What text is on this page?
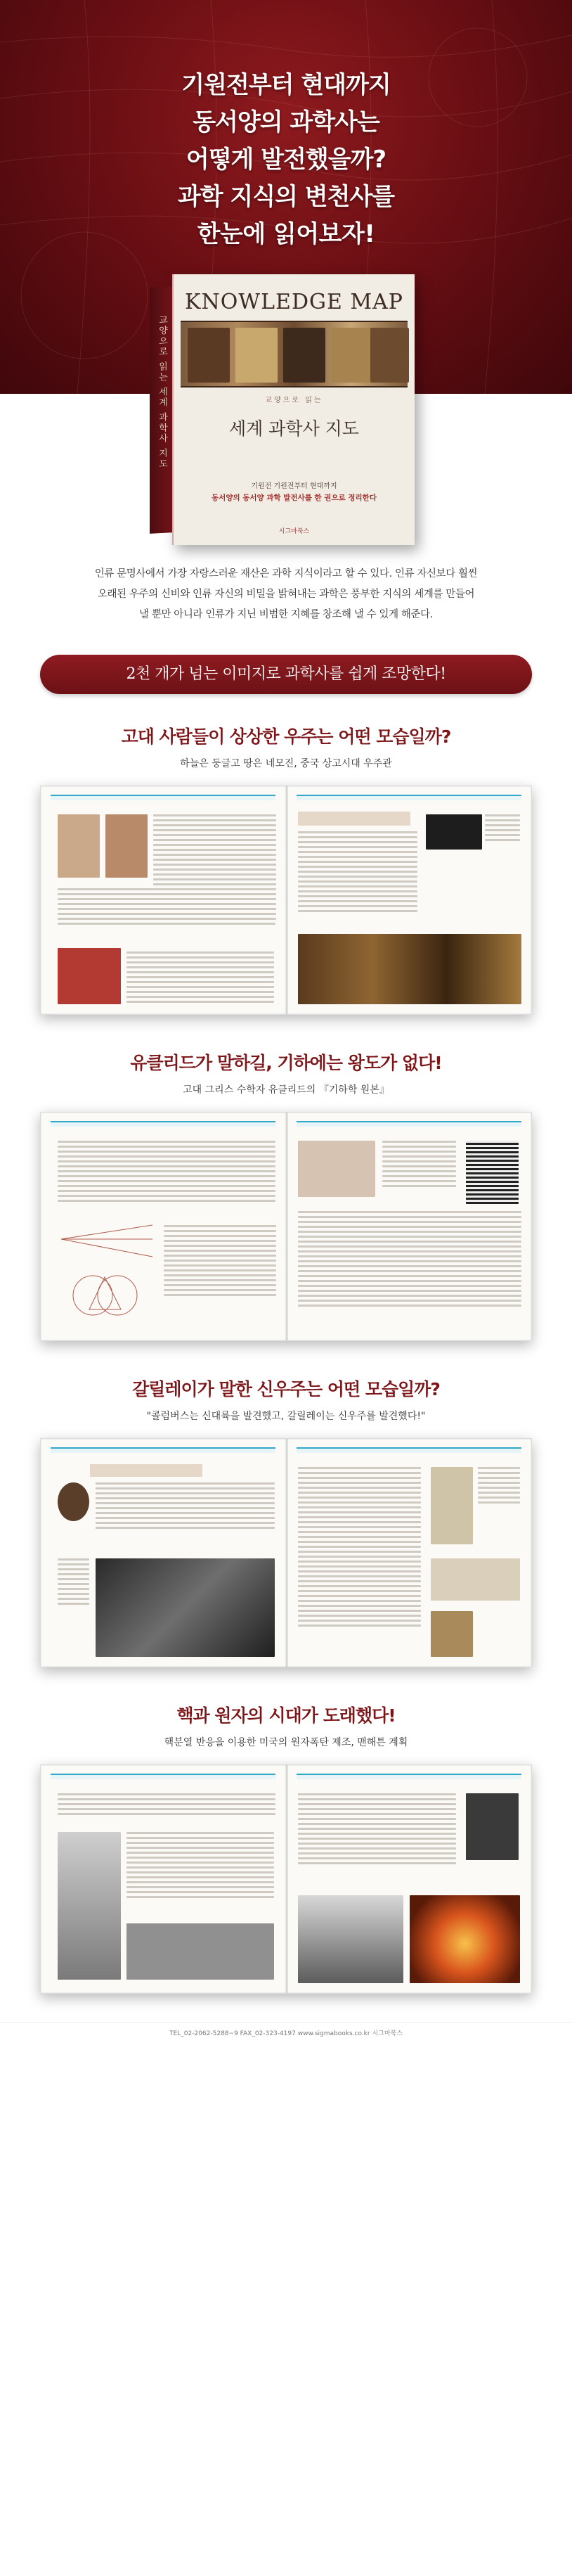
기원전부터 현대까지
동서양의 과학사는
어떻게 발전했을까?
과학 지식의 변천사를
한눈에 읽어보자!
교양으로 읽는 세계 과학사 지도
KNOWLEDGE MAP
교양으로 읽는
세계 과학사 지도
기원전 기원전부터 현대까지
동서양의 동서양 과학 발전사를 한 권으로 정리한다
시그마북스
인류 문명사에서 가장 자랑스러운 재산은 과학 지식이라고 할 수 있다. 인류 자신보다 훨씬
오래된 우주의 신비와 인류 자신의 비밀을 밝혀내는 과학은 풍부한 지식의 세계를 만들어
낼 뿐만 아니라 인류가 지닌 비범한 지혜를 창조해 낼 수 있게 해준다.
2천 개가 넘는 이미지로 과학사를 쉽게 조망한다!
고대 사람들이 상상한 우주는 어떤 모습일까?
하늘은 둥글고 땅은 네모진, 중국 상고시대 우주관
유클리드가 말하길, 기하에는 왕도가 없다!
고대 그리스 수학자 유클리드의 『기하학 원본』
갈릴레이가 말한 신우주는 어떤 모습일까?
"콜럼버스는 신대륙을 발견했고, 갈릴레이는 신우주를 발견했다!"
핵과 원자의 시대가 도래했다!
핵분열 반응을 이용한 미국의 원자폭탄 제조, 맨해튼 계획
TEL_02-2062-5288~9 FAX_02-323-4197 www.sigmabooks.co.kr 시그마북스
